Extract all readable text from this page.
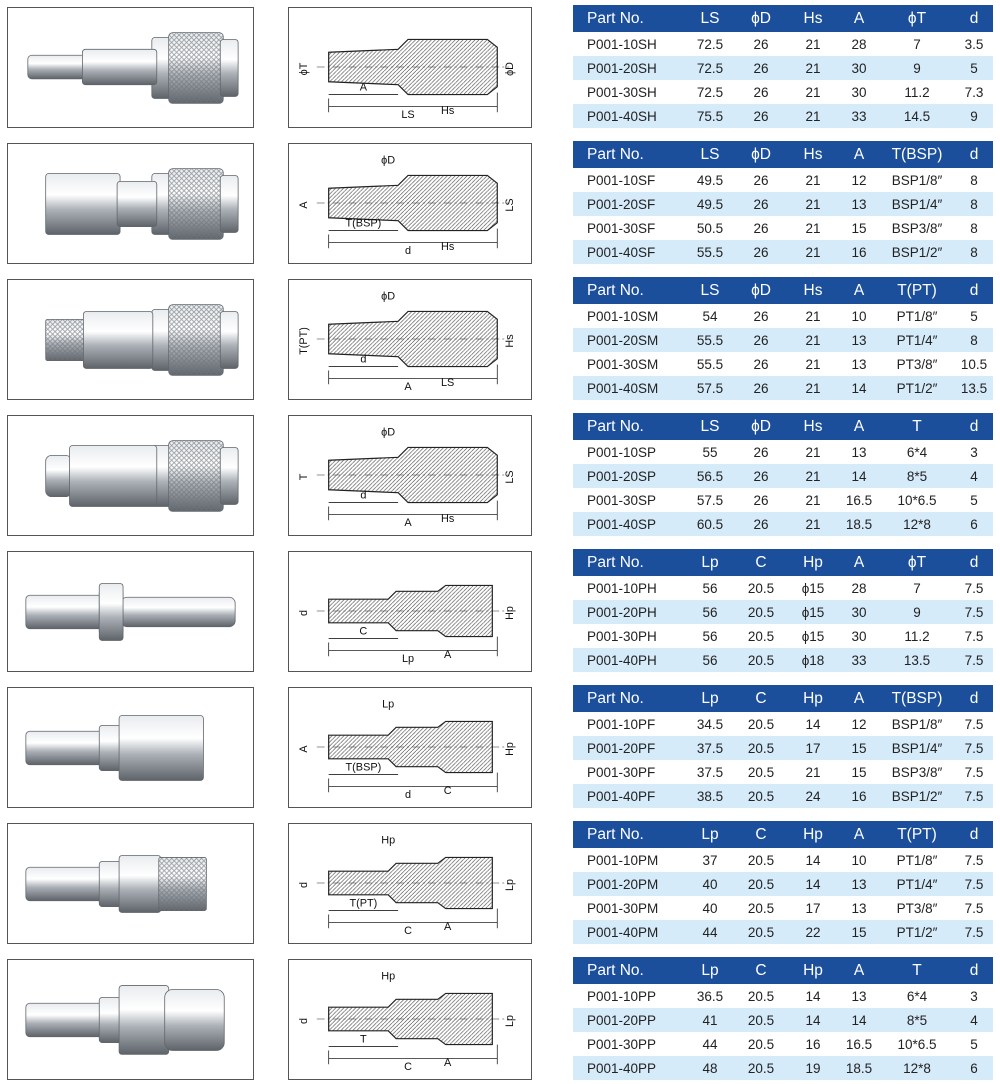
ϕT
A
LS Hs
ϕD
Part No.	LS	ϕD	Hs	A	ϕT	d
P001-10SH	72.5	26	21	28	7	3.5
P001-20SH	72.5	26	21	30	9	5
P001-30SH	72.5	26	21	30	11.2	7.3
P001-40SH	75.5	26	21	33	14.5	9
A
T(BSP)
d	Hs
LS
ϕD	Part No.	LS	ϕD	Hs	A	T(BSP)	d
P001-10SF	49.5	26	21	12	BSP1/8″	8
P001-20SF	49.5	26	21	13	BSP1/4″	8
P001-30SF	50.5	26	21	15	BSP3/8″	8
P001-40SF	55.5	26	21	16	BSP1/2″	8
T(PT)
d
A	LS
Hs
ϕD	Part No.	LS	ϕD	Hs	A	T(PT)	d
P001-10SM	54	26	21	10	PT1/8″	5
P001-20SM	55.5	26	21	13	PT1/4″	8
P001-30SM	55.5	26	21	13	PT3/8″	10.5
P001-40SM	57.5	26	21	14	PT1/2″	13.5
T
d
A	Hs
LS
ϕD	Part No.	LS	ϕD	Hs	A	T	d
P001-10SP	55	26	21	13	6*4	3
P001-20SP	56.5	26	21	14	8*5	4
P001-30SP	57.5	26	21	16.5	10*6.5	5
P001-40SP	60.5	26	21	18.5	12*8	6
d
C
Lp	A
Hp
Part No.	Lp	C	Hp	A	ϕT	d
P001-10PH	56	20.5	ϕ15	28	7	7.5
P001-20PH	56	20.5	ϕ15	30	9	7.5
P001-30PH	56	20.5	ϕ15	30	11.2	7.5
P001-40PH	56	20.5	ϕ18	33	13.5	7.5
A
T(BSP)
d	C
Hp
Lp	Part No.	Lp	C	Hp	A	T(BSP)	d
P001-10PF	34.5	20.5	14	12	BSP1/8″	7.5
P001-20PF	37.5	20.5	17	15	BSP1/4″	7.5
P001-30PF	37.5	20.5	21	15	BSP3/8″	7.5
P001-40PF	38.5	20.5	24	16	BSP1/2″	7.5
d
T(PT)
C	A
Lp
Hp	Part No.	Lp	C	Hp	A	T(PT)	d
P001-10PM	37	20.5	14	10	PT1/8″	7.5
P001-20PM	40	20.5	14	13	PT1/4″	7.5
P001-30PM	40	20.5	17	13	PT3/8″	7.5
P001-40PM	44	20.5	22	15	PT1/2″	7.5
d
T
C	A
Lp
Hp	Part No.	Lp	C	Hp	A	T	d
P001-10PP	36.5	20.5	14	13	6*4	3
P001-20PP	41	20.5	14	14	8*5	4
P001-30PP	44	20.5	16	16.5	10*6.5	5
P001-40PP	48	20.5	19	18.5	12*8	6
